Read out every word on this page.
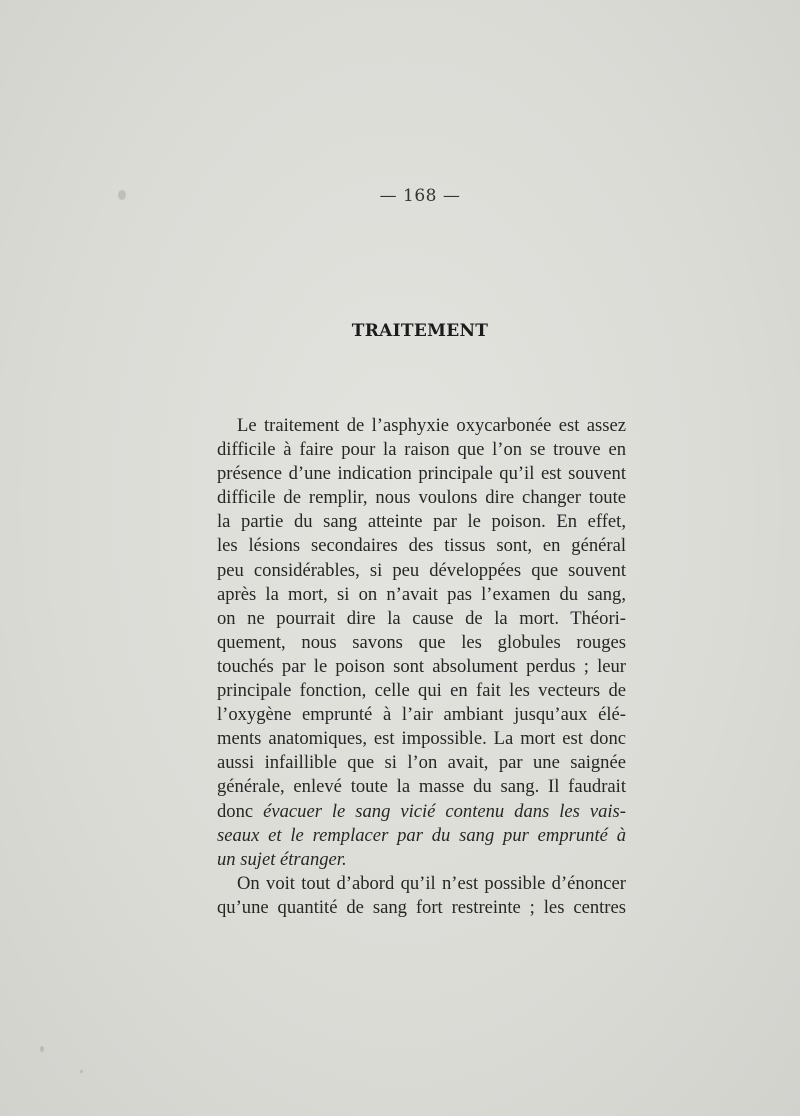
— 168 —
TRAITEMENT
Le traitement de l’asphyxie oxycarbonée est assez
difficile à faire pour la raison que l’on se trouve en
présence d’une indication principale qu’il est souvent
difficile de remplir, nous voulons dire changer toute
la partie du sang atteinte par le poison. En effet,
les lésions secondaires des tissus sont, en général
peu considérables, si peu développées que souvent
après la mort, si on n’avait pas l’examen du sang,
on ne pourrait dire la cause de la mort. Théori-
quement, nous savons que les globules rouges
touchés par le poison sont absolument perdus ; leur
principale fonction, celle qui en fait les vecteurs de
l’oxygène emprunté à l’air ambiant jusqu’aux élé-
ments anatomiques, est impossible. La mort est donc
aussi infaillible que si l’on avait, par une saignée
générale, enlevé toute la masse du sang. Il faudrait
donc évacuer le sang vicié contenu dans les vais-
seaux et le remplacer par du sang pur emprunté à
un sujet étranger.
On voit tout d’abord qu’il n’est possible d’énoncer
qu’une quantité de sang fort restreinte ; les centres
